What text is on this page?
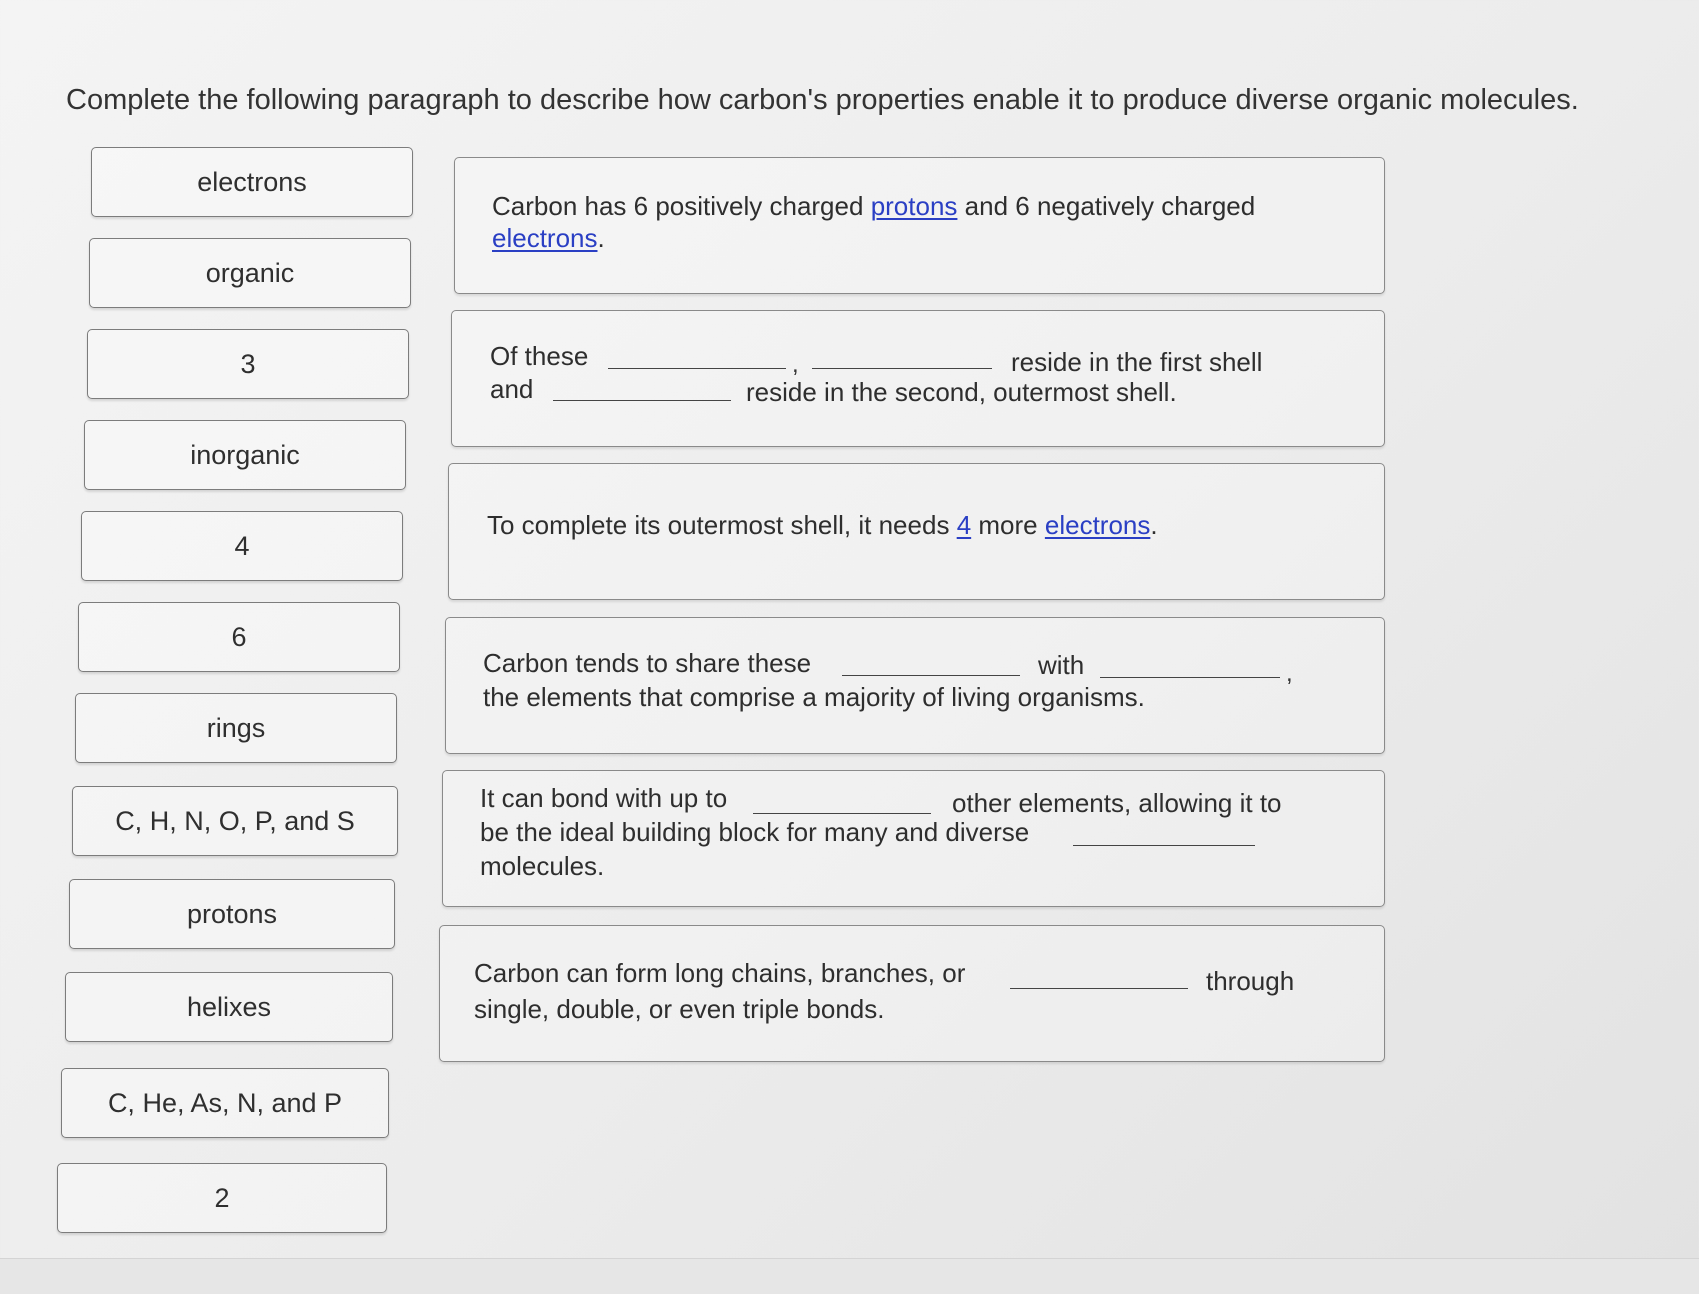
Complete the following paragraph to describe how carbon's properties enable it to produce diverse organic molecules.
electrons
organic
3
inorganic
4
6
rings
C, H, N, O, P, and S
protons
helixes
C, He, As, N, and P
2
Carbon has 6 positively charged protons and 6 negatively charged
electrons.
Of these	,	reside in the first shell
and	reside in the second, outermost shell.
To complete its outermost shell, it needs 4 more electrons.
Carbon tends to share these	with	,
the elements that comprise a majority of living organisms.
It can bond with up to	other elements, allowing it to
be the ideal building block for many and diverse
molecules.
Carbon can form long chains, branches, or	through
single, double, or even triple bonds.
